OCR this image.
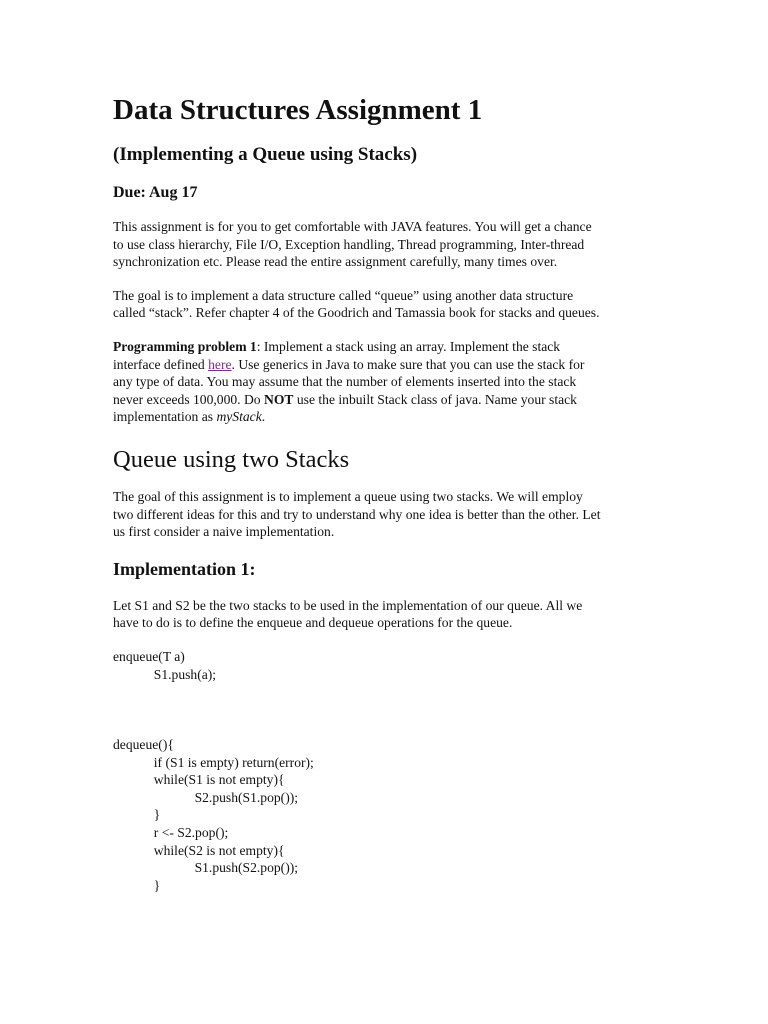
Data Structures Assignment 1
(Implementing a Queue using Stacks)
Due: Aug 17

This assignment is for you to get comfortable with JAVA features. You will get a chance
to use class hierarchy, File I/O, Exception handling, Thread programming, Inter-thread
synchronization etc. Please read the entire assignment carefully, many times over.

The goal is to implement a data structure called “queue” using another data structure
called “stack”. Refer chapter 4 of the Goodrich and Tamassia book for stacks and queues.

Programming problem 1: Implement a stack using an array. Implement the stack
interface defined here. Use generics in Java to make sure that you can use the stack for
any type of data. You may assume that the number of elements inserted into the stack
never exceeds 100,000. Do NOT use the inbuilt Stack class of java. Name your stack
implementation as myStack.

Queue using two Stacks

The goal of this assignment is to implement a queue using two stacks. We will employ
two different ideas for this and try to understand why one idea is better than the other. Let
us first consider a naive implementation.

Implementation 1:

Let S1 and S2 be the two stacks to be used in the implementation of our queue. All we
have to do is to define the enqueue and dequeue operations for the queue.

enqueue(T a)
S1.push(a);
dequeue(){
if (S1 is empty) return(error);
while(S1 is not empty){
S2.push(S1.pop());
}
r <- S2.pop();
while(S2 is not empty){
S1.push(S2.pop());
}
